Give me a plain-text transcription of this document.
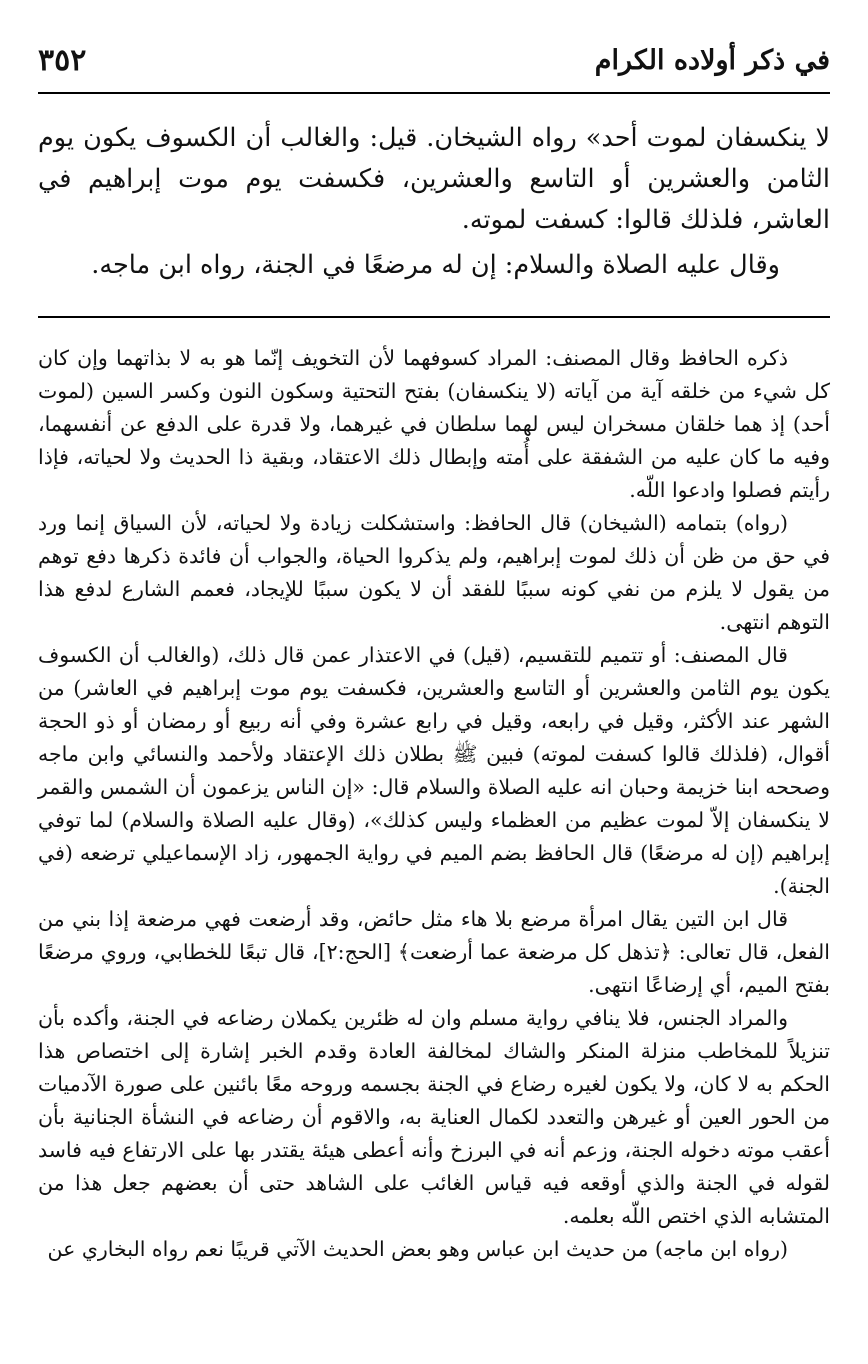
في ذكر أولاده الكرام
٣٥٢

لا ينكسفان لموت أحد» رواه الشيخان. قيل: والغالب أن الكسوف يكون يوم الثامن والعشرين أو التاسع والعشرين، فكسفت يوم موت إبراهيم في العاشر، فلذلك قالوا: كسفت لموته.

وقال عليه الصلاة والسلام: إن له مرضعًا في الجنة، رواه ابن ماجه.

ذكره الحافظ وقال المصنف: المراد كسوفهما لأن التخويف إنّما هو به لا بذاتهما وإن كان كل شيء من خلقه آية من آياته (لا ينكسفان) بفتح التحتية وسكون النون وكسر السين (لموت أحد) إذ هما خلقان مسخران ليس لهما سلطان في غيرهما، ولا قدرة على الدفع عن أنفسهما، وفيه ما كان عليه من الشفقة على أُمته وإبطال ذلك الاعتقاد، وبقية ذا الحديث ولا لحياته، فإذا رأيتم فصلوا وادعوا اللّه.

(رواه) بتمامه (الشيخان) قال الحافظ: واستشكلت زيادة ولا لحياته، لأن السياق إنما ورد في حق من ظن أن ذلك لموت إبراهيم، ولم يذكروا الحياة، والجواب أن فائدة ذكرها دفع توهم من يقول لا يلزم من نفي كونه سببًا للفقد أن لا يكون سببًا للإيجاد، فعمم الشارع لدفع هذا التوهم انتهى.

قال المصنف: أو تتميم للتقسيم، (قيل) في الاعتذار عمن قال ذلك، (والغالب أن الكسوف يكون يوم الثامن والعشرين أو التاسع والعشرين، فكسفت يوم موت إبراهيم في العاشر) من الشهر عند الأكثر، وقيل في رابعه، وقيل في رابع عشرة وفي أنه ربيع أو رمضان أو ذو الحجة أقوال، (فلذلك قالوا كسفت لموته) فبين ﷺ بطلان ذلك الإعتقاد ولأحمد والنسائي وابن ماجه وصححه ابنا خزيمة وحبان انه عليه الصلاة والسلام قال: «إن الناس يزعمون أن الشمس والقمر لا ينكسفان إلاّ لموت عظيم من العظماء وليس كذلك»، (وقال عليه الصلاة والسلام) لما توفي إبراهيم (إن له مرضعًا) قال الحافظ بضم الميم في رواية الجمهور، زاد الإسماعيلي ترضعه (في الجنة).

قال ابن التين يقال امرأة مرضع بلا هاء مثل حائض، وقد أرضعت فهي مرضعة إذا بني من الفعل، قال تعالى: ﴿تذهل كل مرضعة عما أرضعت﴾ [الحج:٢]، قال تبعًا للخطابي، وروي مرضعًا بفتح الميم، أي إرضاعًا انتهى.

والمراد الجنس، فلا ينافي رواية مسلم وان له ظئرين يكملان رضاعه في الجنة، وأكده بأن تنزيلاً للمخاطب منزلة المنكر والشاك لمخالفة العادة وقدم الخبر إشارة إلى اختصاص هذا الحكم به لا كان، ولا يكون لغيره رضاع في الجنة بجسمه وروحه معًا بائنين على صورة الآدميات من الحور العين أو غيرهن والتعدد لكمال العناية به، والاقوم أن رضاعه في النشأة الجنانية بأن أعقب موته دخوله الجنة، وزعم أنه في البرزخ وأنه أعطى هيئة يقتدر بها على الارتفاع فيه فاسد لقوله في الجنة والذي أوقعه فيه قياس الغائب على الشاهد حتى أن بعضهم جعل هذا من المتشابه الذي اختص اللّه بعلمه.

(رواه ابن ماجه) من حديث ابن عباس وهو بعض الحديث الآتي قريبًا نعم رواه البخاري عن
